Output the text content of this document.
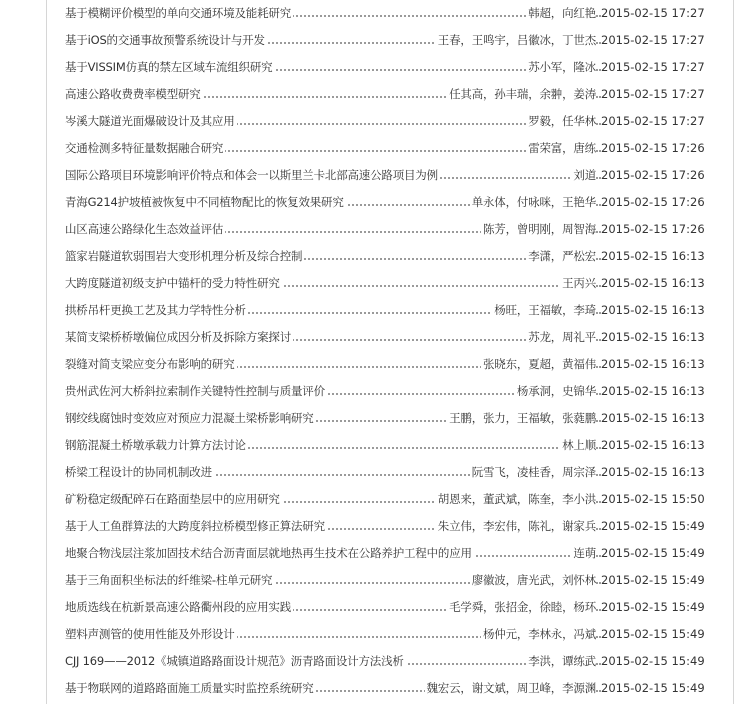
基于模糊评价模型的单向交通环境及能耗研究	韩超，向红艳 2015-02-15 17:27
基于iOS的交通事故预警系统设计与开发	王春，王鸣宇，吕徽冰，丁世杰 2015-02-15 17:27
基于VISSIM仿真的禁左区域车流组织研究	苏小军，隆冰 2015-02-15 17:27
高速公路收费费率模型研究	任其高，孙丰瑞，余翀，姜涛 2015-02-15 17:27
岑溪大隧道光面爆破设计及其应用	罗毅，任华林 2015-02-15 17:27
交通检测多特征量数据融合研究	雷荣富，唐练 2015-02-15 17:26
国际公路项目环境影响评价特点和体会一以斯里兰卡北部高速公路项目为例	刘道 2015-02-15 17:26
青海G214护坡植被恢复中不同植物配比的恢复效果研究	单永体，付咏咪，王艳华 2015-02-15 17:26
山区高速公路绿化生态效益评估	陈芳，曾明刚，周智海 2015-02-15 17:26
篮家岩隧道软弱围岩大变形机理分析及综合控制	李潇，严松宏 2015-02-15 16:13
大跨度隧道初级支护中锚杆的受力特性研究	王丙兴 2015-02-15 16:13
拱桥吊杆更换工艺及其力学特性分析	杨旺，王福敏，李琦 2015-02-15 16:13
某简支梁桥桥墩偏位成因分析及拆除方案探讨	苏龙，周礼平 2015-02-15 16:13
裂缝对简支梁应变分布影响的研究	张晓东，夏超，黄福伟 2015-02-15 16:13
贵州武佐河大桥斜拉索制作关键特性控制与质量评价	杨承洞，史锦华 2015-02-15 16:13
钢绞线腐蚀时变效应对预应力混凝土梁桥影响研究	王鹏，张力，王福敏，张蕤鹏 2015-02-15 16:13
钢筋混凝土桥墩承载力计算方法讨论	林上顺 2015-02-15 16:13
桥梁工程设计的协同机制改进	阮雪飞，凌桂香，周宗泽 2015-02-15 16:13
矿粉稳定级配碎石在路面垫层中的应用研究	胡恩来，董武斌，陈奎，李小洪 2015-02-15 15:50
基于人工鱼群算法的大跨度斜拉桥模型修正算法研究	朱立伟，李宏伟，陈礼，谢家兵 2015-02-15 15:49
地聚合物浅层注浆加固技术结合沥青面层就地热再生技术在公路养护工程中的应用	连萌 2015-02-15 15:49
基于三角面积坐标法的纤维梁-柱单元研究	廖徽波，唐光武，刘怀林 2015-02-15 15:49
地质选线在杭新景高速公路衢州段的应用实践	毛学舜，张招金，徐睦，杨环 2015-02-15 15:49
塑料声测管的使用性能及外形设计	杨仲元，李林永，冯斌 2015-02-15 15:49
CJJ 169——2012《城镇道路路面设计规范》沥青路面设计方法浅析	李洪，谭练武 2015-02-15 15:49
基于物联网的道路路面施工质量实时监控系统研究	魏宏云，谢文斌，周卫峰，李源渊 2015-02-15 15:49
